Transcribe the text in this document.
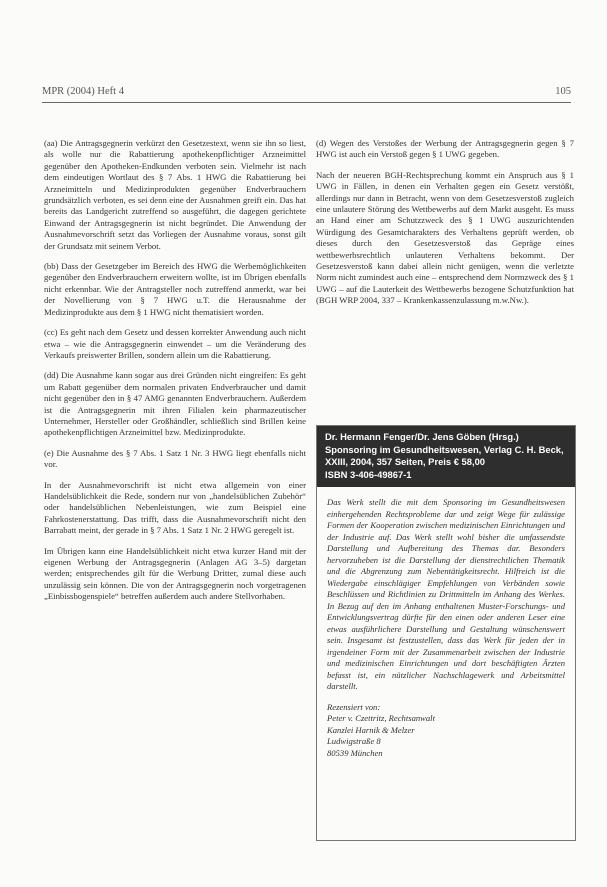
MPR (2004) Heft 4	105

(aa) Die Antragsgegnerin verkürzt den Gesetzestext, wenn sie ihn so liest, als wolle nur die Rabattierung apothekenpflichtiger Arzneimittel gegenüber den Apotheken-Endkunden verboten sein. Vielmehr ist nach dem eindeutigen Wortlaut des § 7 Abs. 1 HWG die Rabattierung bei Arzneimitteln und Medizinprodukten gegenüber Endverbrauchern grundsätzlich verboten, es sei denn eine der Ausnahmen greift ein. Das hat bereits das Landgericht zutreffend so ausgeführt, die dagegen gerichtete Einwand der Antragsgegnerin ist nicht begründet. Die Anwendung der Ausnahmevorschrift setzt das Vorliegen der Ausnahme voraus, sonst gilt der Grundsatz mit seinem Verbot.

(bb) Dass der Gesetzgeber im Bereich des HWG die Werbemöglichkeiten gegenüber den Endverbrauchern erweitern wollte, ist im Übrigen ebenfalls nicht erkennbar. Wie der Antragsteller noch zutreffend anmerkt, war bei der Novellierung von § 7 HWG u.T. die Herausnahme der Medizinprodukte aus dem § 1 HWG nicht thematisiert worden.

(cc) Es geht nach dem Gesetz und dessen korrekter Anwendung auch nicht etwa – wie die Antragsgegnerin einwendet – um die Veränderung des Verkaufs preiswerter Brillen, sondern allein um die Rabattierung.

(dd) Die Ausnahme kann sogar aus drei Gründen nicht eingreifen: Es geht um Rabatt gegenüber dem normalen privaten Endverbraucher und damit nicht gegenüber den in § 47 AMG genannten Endverbrauchern. Außerdem ist die Antragsgegnerin mit ihren Filialen kein pharmazeutischer Unternehmer, Hersteller oder Großhändler, schließlich sind Brillen keine apothekenpflichtigen Arzneimittel bzw. Medizinprodukte.

(e) Die Ausnahme des § 7 Abs. 1 Satz 1 Nr. 3 HWG liegt ebenfalls nicht vor.

In der Ausnahmevorschrift ist nicht etwa allgemein von einer Handelsüblichkeit die Rede, sondern nur von „handelsüblichen Zubehör“ oder handelsüblichen Nebenleistungen, wie zum Beispiel eine Fahrkostenerstattung. Das trifft, dass die Ausnahmevorschrift nicht den Barrabatt meint, der gerade in § 7 Abs. 1 Satz 1 Nr. 2 HWG geregelt ist.

Im Übrigen kann eine Handelsüblichkeit nicht etwa kurzer Hand mit der eigenen Werbung der Antragsgegnerin (Anlagen AG 3–5) dargetan werden; entsprechendes gilt für die Werbung Dritter, zumal diese auch unzulässig sein können. Die von der Antragsgegnerin noch vorgetragenen „Einbissbogenspiele“ betreffen außerdem auch andere Stellvorhaben.

(d) Wegen des Verstoßes der Werbung der Antragsgegnerin gegen § 7 HWG ist auch ein Verstoß gegen § 1 UWG gegeben.

Nach der neueren BGH-Rechtsprechung kommt ein Anspruch aus § 1 UWG in Fällen, in denen ein Verhalten gegen ein Gesetz verstößt, allerdings nur dann in Betracht, wenn von dem Gesetzesverstoß zugleich eine unlautere Störung des Wettbewerbs auf dem Markt ausgeht. Es muss an Hand einer am Schutzzweck des § 1 UWG auszurichtenden Würdigung des Gesamtcharakters des Verhaltens geprüft werden, ob dieses durch den Gesetzesverstoß das Gepräge eines wettbewerbsrechtlich unlauteren Verhaltens bekommt. Der Gesetzesverstoß kann dabei allein nicht genügen, wenn die verletzte Norm nicht zumindest auch eine – entsprechend dem Normzweck des § 1 UWG – auf die Lauterkeit des Wettbewerbs bezogene Schutzfunktion hat (BGH WRP 2004, 337 – Krankenkassenzulassung m.w.Nw.).

Dr. Hermann Fenger/Dr. Jens Göben (Hrsg.)
Sponsoring im Gesundheitswesen, Verlag C. H. Beck,
XXIII, 2004, 357 Seiten, Preis € 58,00
ISBN 3-406-49867-1

Das Werk stellt die mit dem Sponsoring im Gesundheitswesen einhergehenden Rechtsprobleme dar und zeigt Wege für zulässige Formen der Kooperation zwischen medizinischen Einrichtungen und der Industrie auf. Das Werk stellt wohl bisher die umfassendste Darstellung und Aufbereitung des Themas dar. Besonders hervorzuheben ist die Darstellung der dienstrechtlichen Thematik und die Abgrenzung zum Nebentätigkeitsrecht. Hilfreich ist die Wiedergabe einschlägiger Empfehlungen von Verbänden sowie Beschlüssen und Richtlinien zu Drittmitteln im Anhang des Werkes. In Bezug auf den im Anhang enthaltenen Muster-Forschungs- und Entwicklungsvertrag dürfte für den einen oder anderen Leser eine etwas ausführlichere Darstellung und Gestaltung wünschenswert sein. Insgesamt ist festzustellen, dass das Werk für jeden der in irgendeiner Form mit der Zusammenarbeit zwischen der Industrie und medizinischen Einrichtungen und dort beschäftigten Ärzten befasst ist, ein nützlicher Nachschlagewerk und Arbeitsmittel darstellt.

Rezensiert von:
Peter v. Czettritz, Rechtsanwalt
Kanzlei Harnik & Melzer
Ludwigstraße 8
80539 München
